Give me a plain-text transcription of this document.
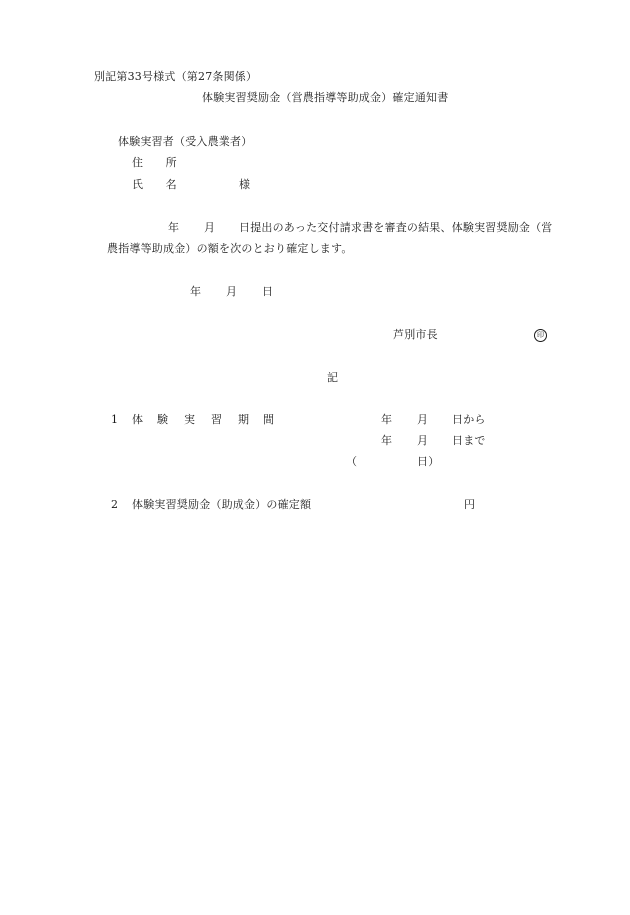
別記第33号様式（第27条関係）
体験実習奨励金（営農指導等助成金）確定通知書
体験実習者（受入農業者）
住　　所
氏　　名	様
年 月 日提出のあった交付請求書を審査の結果、体験実習奨励金（営
農指導等助成金）の額を次のとおり確定します。
年 月 日
芦別市長	印
記
1 体 験 実 習 期 間	年 月 日から
年 月 日まで
（	日）
2 体験実習奨励金（助成金）の確定額	円
